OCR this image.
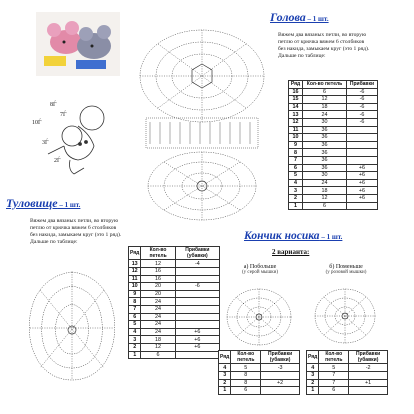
8Ѓ
10Ѓ
7Ѓ
3Ѓ
2Ѓ
Голова – 1 шт.
Вяжем два вязаных петли, во вторую петлю от крючка вяжем 6 столбиков без накида, замыкаем круг (это 1 ряд). Дальше по таблице:
Ряд	Кол-во петель	Прибавки
16	6	-6
15	12	-6
14	18	-6
13	24	-6
12	30	-6
11	36	
10	36	
9	36	
8	36	
7	36	
6	36	+6
5	30	+6
4	24	+6
3	18	+6
2	12	+6
1	6	
Туловище – 1 шт.
Вяжем два вязаных петли, во вторую петлю от крючка вяжем 6 столбиков без накида, замыкаем круг (это 1 ряд). Дальше по таблице:
Ряд	Кол-во петель	Прибавки (убавки)
13	12	-4
12	16	
11	16	
10	20	-6
9	20	
8	24	
7	24	
6	24	
5	24	
4	24	+6
3	18	+6
2	12	+6
1	6	
Кончик носика – 1 шт.
2 варианта:
а) Побольше
(у серой мышки)
б) Поменьше
(у розовой мышки)
Ряд	Кол-во петель	Прибавки (убавки)
4	5	-3
3	8	
2	8	+2
1	6	
Ряд	Кол-во петель	Прибавки (убавки)
4	5	-2
3	7	
2	7	+1
1	6	
